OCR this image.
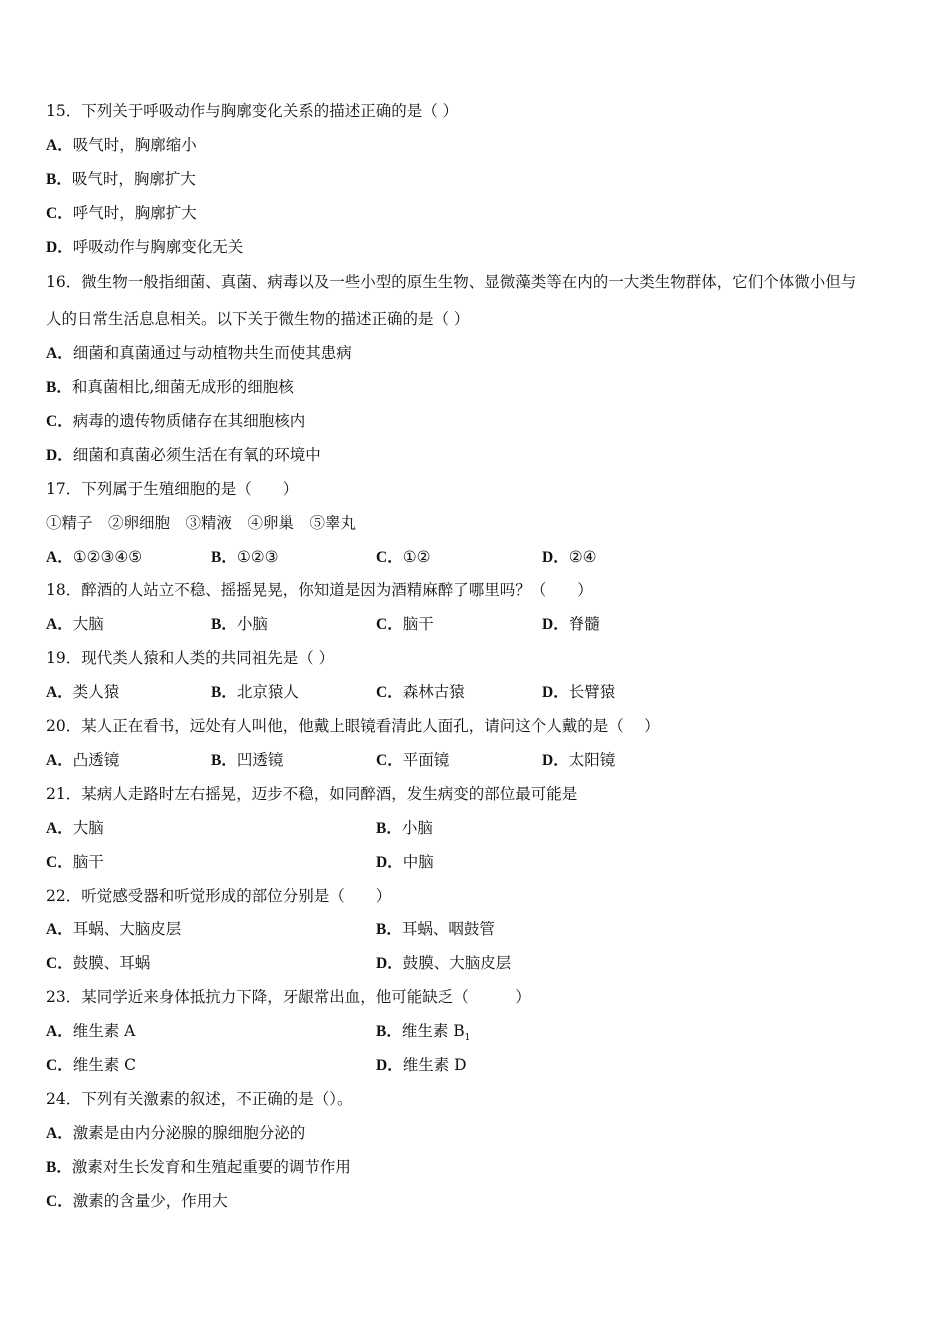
15．下列关于呼吸动作与胸廓变化关系的描述正确的是（ ）
A．吸气时，胸廓缩小
B．吸气时，胸廓扩大
C．呼气时，胸廓扩大
D．呼吸动作与胸廓变化无关
16．微生物一般指细菌、真菌、病毒以及一些小型的原生生物、显微藻类等在内的一大类生物群体，它们个体微小但与
人的日常生活息息相关。以下关于微生物的描述正确的是（ ）
A．细菌和真菌通过与动植物共生而使其患病
B．和真菌相比,细菌无成形的细胞核
C．病毒的遗传物质储存在其细胞核内
D．细菌和真菌必须生活在有氧的环境中
17．下列属于生殖细胞的是（　　）
①精子　②卵细胞　③精液　④卵巢　⑤睾丸
A．①②③④⑤	B．①②③	C．①②	D．②④
18．醉酒的人站立不稳、摇摇晃晃，你知道是因为酒精麻醉了哪里吗？（　　）
A．大脑	B．小脑	C．脑干	D．脊髓
19．现代类人猿和人类的共同祖先是（ ）
A．类人猿	B．北京猿人	C．森林古猿	D．长臂猿
20．某人正在看书，远处有人叫他，他戴上眼镜看清此人面孔，请问这个人戴的是（　 ）
A．凸透镜	B．凹透镜	C．平面镜	D．太阳镜
21．某病人走路时左右摇晃，迈步不稳，如同醉酒，发生病变的部位最可能是
A．大脑	B．小脑
C．脑干	D．中脑
22．听觉感受器和听觉形成的部位分别是（　　）
A．耳蜗、大脑皮层	B．耳蜗、咽鼓管
C．鼓膜、耳蜗	D．鼓膜、大脑皮层
23．某同学近来身体抵抗力下降，牙龈常出血，他可能缺乏（　　　）
A．维生素 A	B．维生素 $B_1$
C．维生素 C	D．维生素 D
24．下列有关激素的叙述，不正确的是（）。
A．激素是由内分泌腺的腺细胞分泌的
B．激素对生长发育和生殖起重要的调节作用
C．激素的含量少，作用大
